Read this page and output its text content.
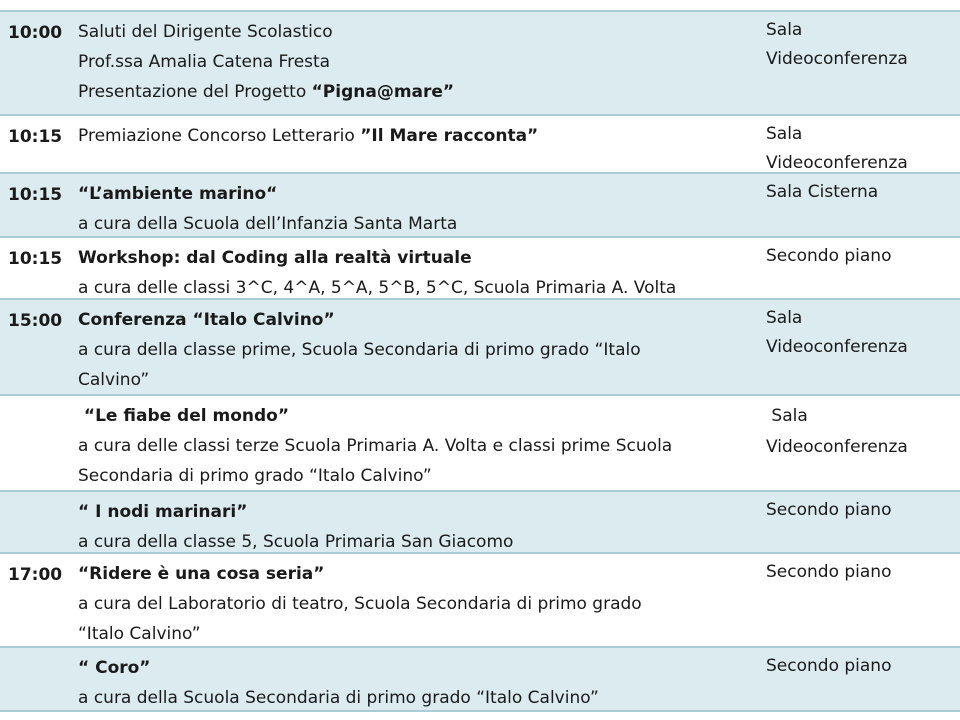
10:00 Saluti del Dirigente Scolastico
Prof.ssa Amalia Catena Fresta
Presentazione del Progetto “Pigna@mare”
Sala
Videoconferenza
10:15 Premiazione Concorso Letterario ”Il Mare racconta”	Sala
Videoconferenza
10:15 “L’ambiente marino“
a cura della Scuola dell’Infanzia Santa Marta
Sala Cisterna
10:15 Workshop: dal Coding alla realtà virtuale
a cura delle classi 3^C, 4^A, 5^A, 5^B, 5^C, Scuola Primaria A. Volta
Secondo piano
15:00 Conferenza “Italo Calvino”
a cura della classe prime, Scuola Secondaria di primo grado “Italo
Calvino”
Sala
Videoconferenza
“Le fiabe del mondo”
a cura delle classi terze Scuola Primaria A. Volta e classi prime Scuola
Secondaria di primo grado “Italo Calvino”
Sala
Videoconferenza
“ I nodi marinari”
a cura della classe 5, Scuola Primaria San Giacomo
Secondo piano
17:00 “Ridere è una cosa seria”
a cura del Laboratorio di teatro, Scuola Secondaria di primo grado
“Italo Calvino”
Secondo piano
“ Coro”
a cura della Scuola Secondaria di primo grado “Italo Calvino”
Secondo piano
